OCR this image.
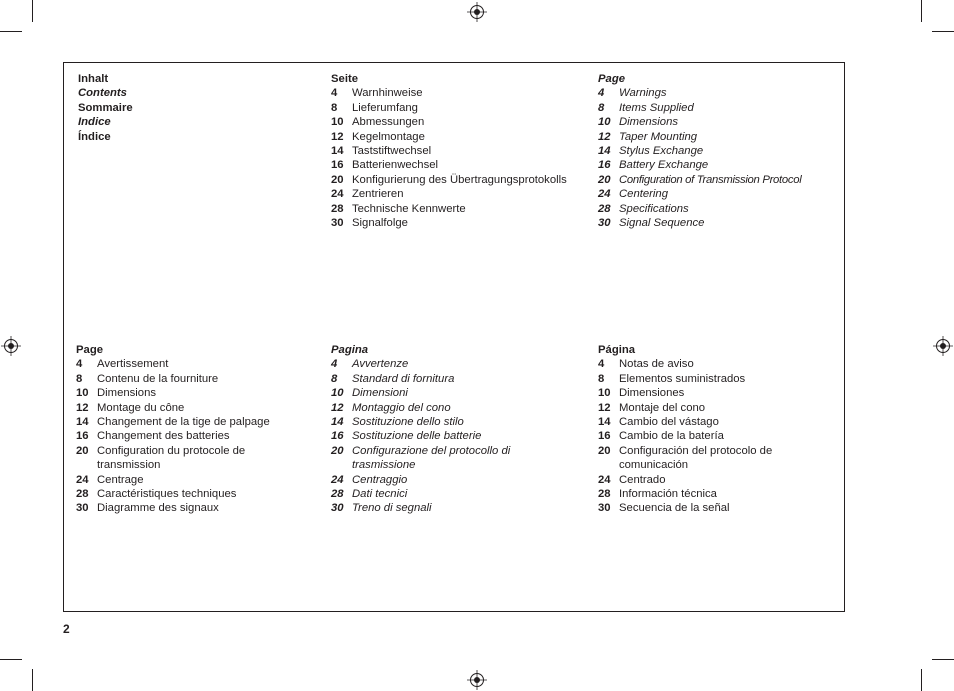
Inhalt
Contents
Sommaire
Indice
Índice
Seite
4	Warnhinweise
8	Lieferumfang
10 Abmessungen
12 Kegelmontage
14 Taststiftwechsel
16 Batterienwechsel
20 Konfigurierung des Übertragungsprotokolls
24 Zentrieren
28 Technische Kennwerte
30 Signalfolge
Page
4	Warnings
8	Items Supplied
10 Dimensions
12 Taper Mounting
14 Stylus Exchange
16 Battery Exchange
20 Configuration of Transmission Protocol
24 Centering
28 Specifications
30 Signal Sequence
Page
4	Avertissement
8	Contenu de la fourniture
10 Dimensions
12 Montage du cône
14 Changement de la tige de palpage
16 Changement des batteries
20 Configuration du protocole de transmission
24 Centrage
28 Caractéristiques techniques
30 Diagramme des signaux
Pagina
4	Avvertenze
8	Standard di fornitura
10 Dimensioni
12 Montaggio del cono
14 Sostituzione dello stilo
16 Sostituzione delle batterie
20 Configurazione del protocollo di trasmissione
24 Centraggio
28 Dati tecnici
30 Treno di segnali
Página
4	Notas de aviso
8	Elementos suministrados
10 Dimensiones
12 Montaje del cono
14 Cambio del vástago
16 Cambio de la batería
20 Configuración del protocolo de comunicación
24 Centrado
28 Información técnica
30 Secuencia de la señal
2
